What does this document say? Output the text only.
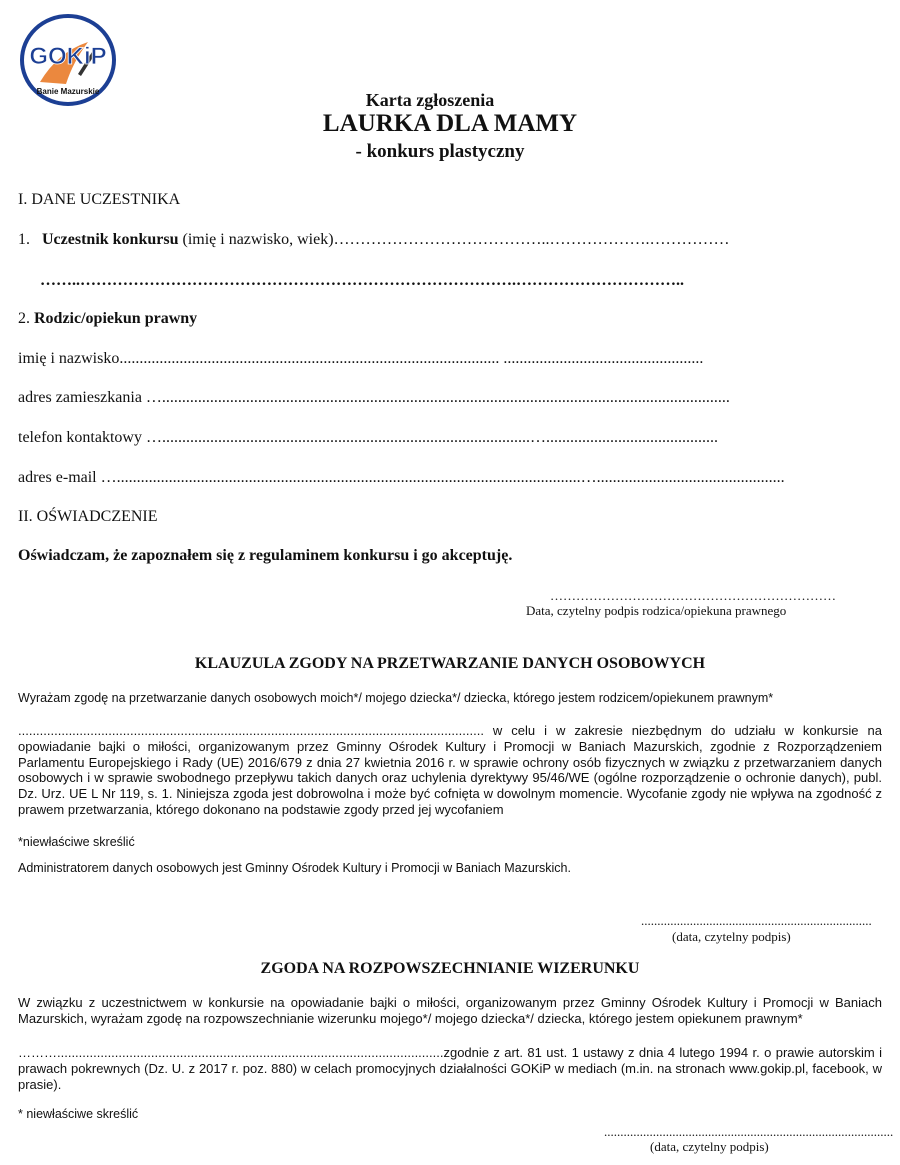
GOKiP
Banie Mazurskie	Karta zgłoszenia
LAURKA DLA MAMY
- konkurs plastyczny
I. DANE UCZESTNIKA
1. Uczestnik konkursu (imię i nazwisko, wiek)…………………………………..……………….……………
……..……………………………………………………………………….…………………………..
2. Rodzic/opiekun prawny
imię i nazwisko............................................................................................... ..................................................
adres zamieszkania …..............................................................................................................................................
telefon kontaktowy …............................................................................................…...........................................
adres e-mail …....................................................................................................................…...............................................
II. OŚWIADCZENIE
Oświadczam, że zapoznałem się z regulaminem konkursu i go akceptuję.
…………………………………………………………
Data, czytelny podpis rodzica/opiekuna prawnego
KLAUZULA ZGODY NA PRZETWARZANIE DANYCH OSOBOWYCH
Wyrażam zgodę na przetwarzanie danych osobowych moich*/ mojego dziecka*/ dziecka, którego jestem rodzicem/opiekunem prawnym*
................................................................................................................................. w celu i w zakresie niezbędnym do udziału w konkursie na opowiadanie bajki o miłości, organizowanym przez Gminny Ośrodek Kultury i Promocji w Baniach Mazurskich, zgodnie z Rozporządzeniem Parlamentu Europejskiego i Rady (UE) 2016/679 z dnia 27 kwietnia 2016 r. w sprawie ochrony osób fizycznych w związku z przetwarzaniem danych osobowych i w sprawie swobodnego przepływu takich danych oraz uchylenia dyrektywy 95/46/WE (ogólne rozporządzenie o ochronie danych), publ. Dz. Urz. UE L Nr 119, s. 1. Niniejsza zgoda jest dobrowolna i może być cofnięta w dowolnym momencie. Wycofanie zgody nie wpływa na zgodność z prawem przetwarzania, którego dokonano na podstawie zgody przed jej wycofaniem
*niewłaściwe skreślić
Administratorem danych osobowych jest Gminny Ośrodek Kultury i Promocji w Baniach Mazurskich.
.......................................................................
(data, czytelny podpis)
ZGODA NA ROZPOWSZECHNIANIE WIZERUNKU
W związku z uczestnictwem w konkursie na opowiadanie bajki o miłości, organizowanym przez Gminny Ośrodek Kultury i Promocji w Baniach Mazurskich, wyrażam zgodę na rozpowszechnianie wizerunku mojego*/ mojego dziecka*/ dziecka, którego jestem opiekunem prawnym*
………...........................................................................................................zgodnie z art. 81 ust. 1 ustawy z dnia 4 lutego 1994 r. o prawie autorskim i prawach pokrewnych (Dz. U. z 2017 r. poz. 880) w celach promocyjnych działalności GOKiP w mediach (m.in. na stronach www.gokip.pl, facebook, w prasie).
* niewłaściwe skreślić
.........................................................................................
(data, czytelny podpis)
